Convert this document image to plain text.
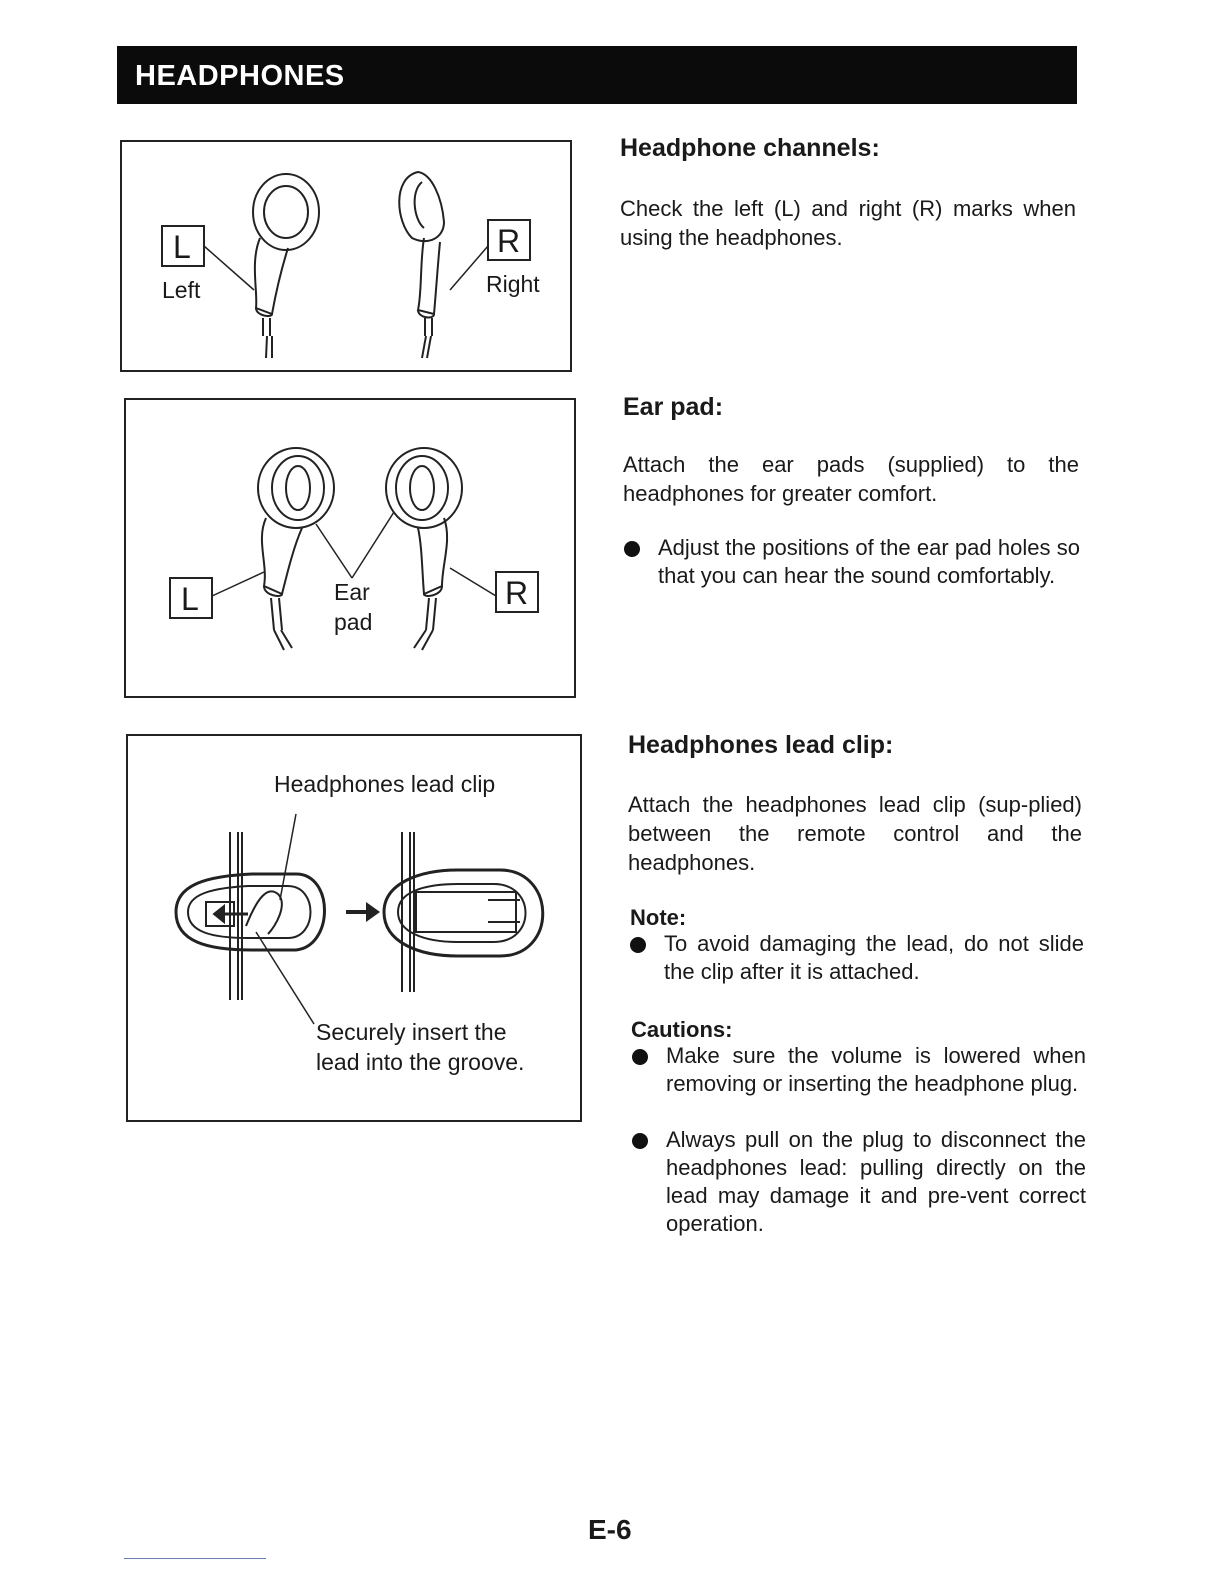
HEADPHONES
L
Left
R
Right
L	Ear
pad
R
Headphones lead clip
Securely insert the
lead into the groove.
Headphone channels:

Check the left (L) and right (R) marks when using the headphones.

Ear pad:

Attach the ear pads (supplied) to the headphones for greater comfort.

Adjust the positions of the ear pad holes so that you can hear the sound comfortably.
Headphones lead clip:

Attach the headphones lead clip (sup-plied) between the remote control and the headphones.

Note:
To avoid damaging the lead, do not slide the clip after it is attached.
Cautions:
Make sure the volume is lowered when removing or inserting the headphone plug.
Always pull on the plug to disconnect the headphones lead: pulling directly on the lead may damage it and pre-vent correct operation.
E-6
